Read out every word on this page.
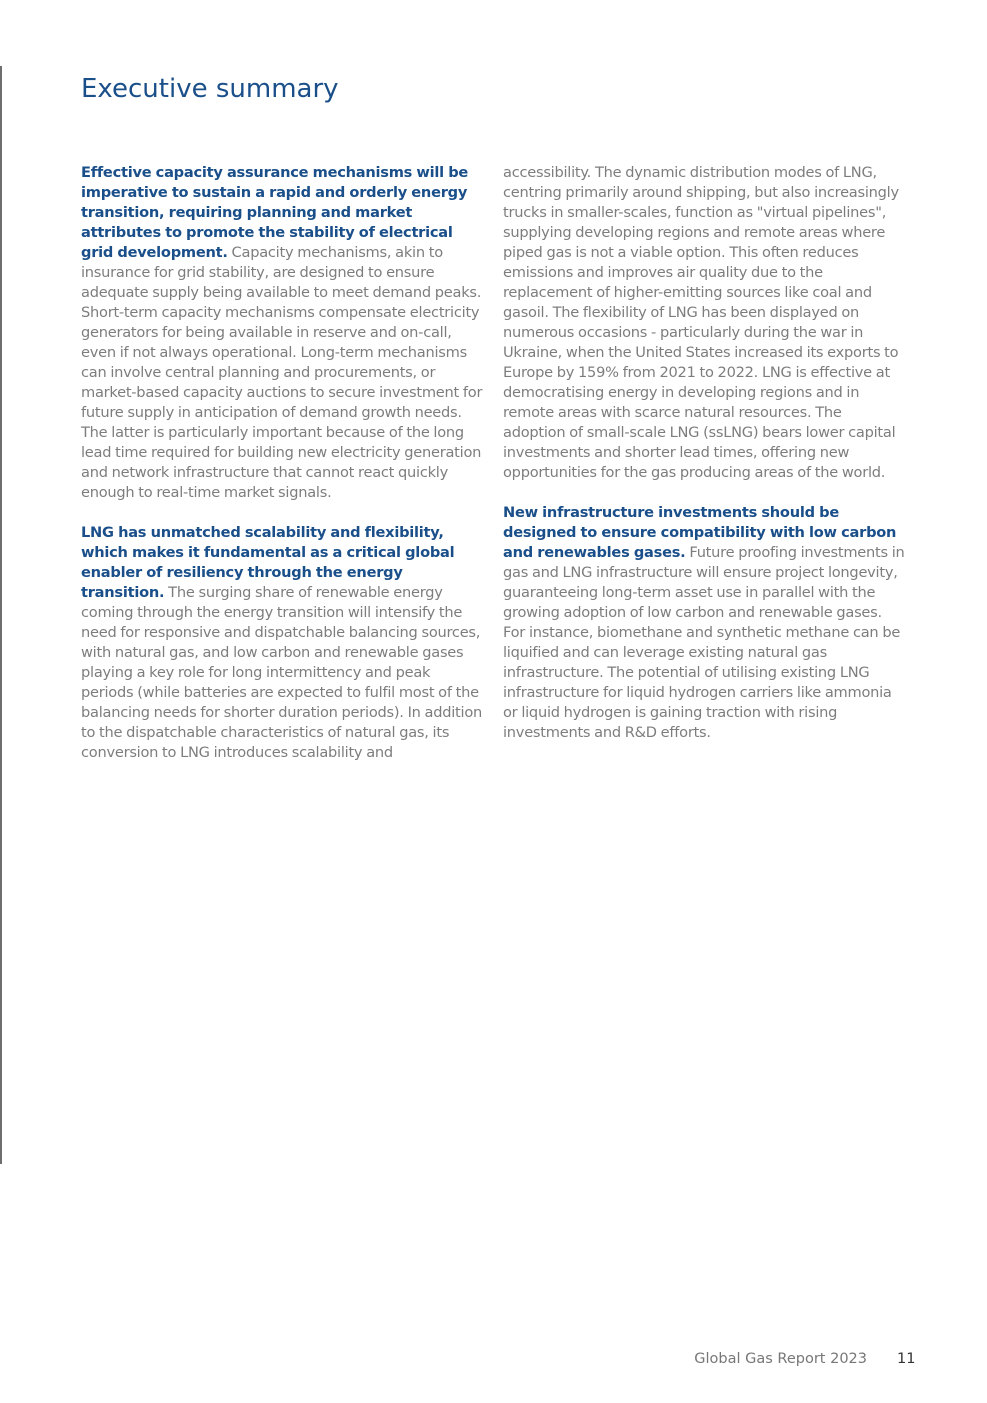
Executive summary

Effective capacity assurance mechanisms will be imperative to sustain a rapid and orderly energy transition, requiring planning and market attributes to promote the stability of electrical grid development. Capacity mechanisms, akin to insurance for grid stability, are designed to ensure adequate supply being available to meet demand peaks. Short-term capacity mechanisms compensate electricity generators for being available in reserve and on-call, even if not always operational. Long-term mechanisms can involve central planning and procurements, or market-based capacity auctions to secure investment for future supply in anticipation of demand growth needs. The latter is particularly important because of the long lead time required for building new electricity generation and network infrastructure that cannot react quickly enough to real-time market signals.

LNG has unmatched scalability and flexibility, which makes it fundamental as a critical global enabler of resiliency through the energy transition. The surging share of renewable energy coming through the energy transition will intensify the need for responsive and dispatchable balancing sources, with natural gas, and low carbon and renewable gases playing a key role for long intermittency and peak periods (while batteries are expected to fulfil most of the balancing needs for shorter duration periods). In addition to the dispatchable characteristics of natural gas, its conversion to LNG introduces scalability and

accessibility. The dynamic distribution modes of LNG, centring primarily around shipping, but also increasingly trucks in smaller-scales, function as "virtual pipelines", supplying developing regions and remote areas where piped gas is not a viable option. This often reduces emissions and improves air quality due to the replacement of higher-emitting sources like coal and gasoil. The flexibility of LNG has been displayed on numerous occasions - particularly during the war in Ukraine, when the United States increased its exports to Europe by 159% from 2021 to 2022. LNG is effective at democratising energy in developing regions and in remote areas with scarce natural resources. The adoption of small-scale LNG (ssLNG) bears lower capital investments and shorter lead times, offering new opportunities for the gas producing areas of the world.

New infrastructure investments should be designed to ensure compatibility with low carbon and renewables gases. Future proofing investments in gas and LNG infrastructure will ensure project longevity, guaranteeing long-term asset use in parallel with the growing adoption of low carbon and renewable gases. For instance, biomethane and synthetic methane can be liquified and can leverage existing natural gas infrastructure. The potential of utilising existing LNG infrastructure for liquid hydrogen carriers like ammonia or liquid hydrogen is gaining traction with rising investments and R&D efforts.

Global Gas Report 2023 11
